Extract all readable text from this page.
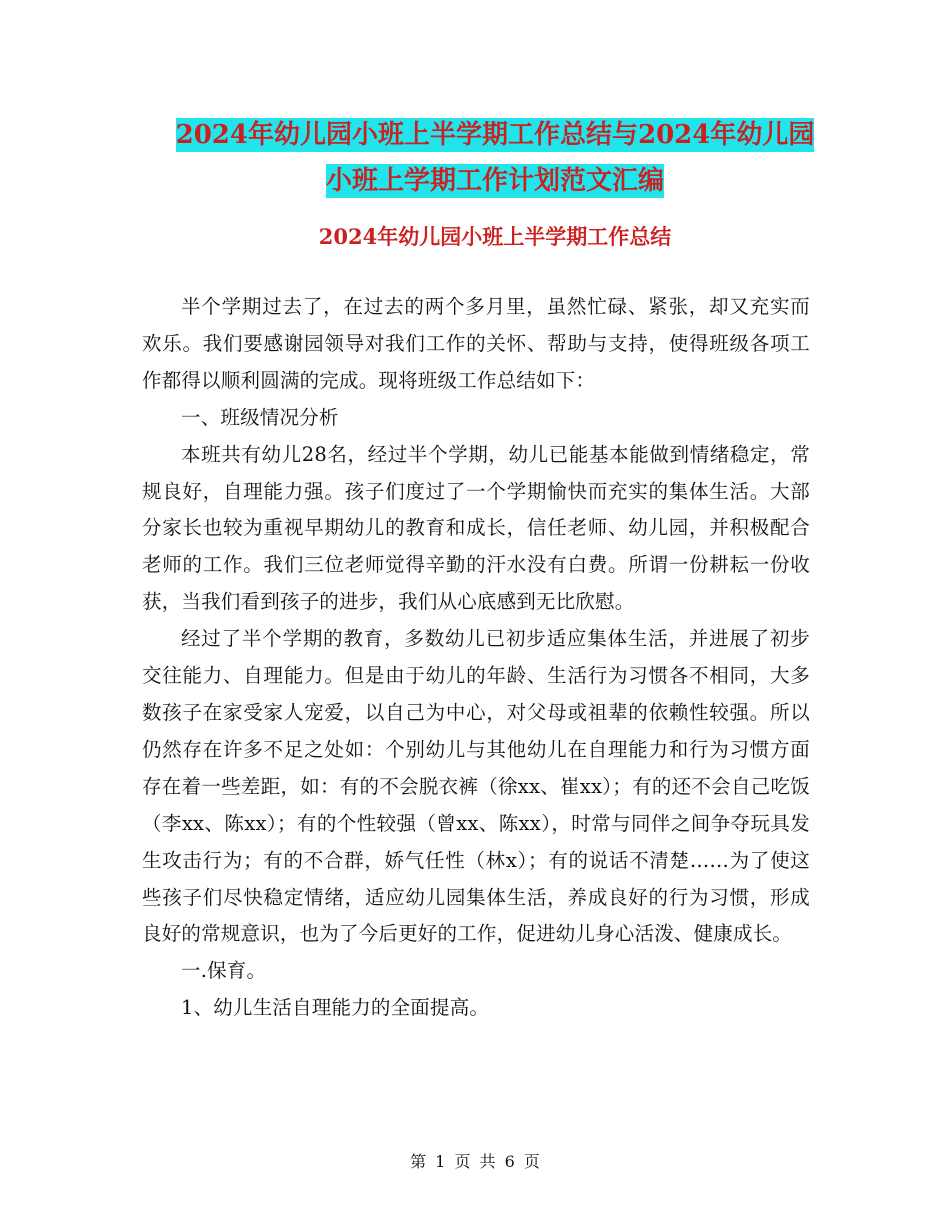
2024年幼儿园小班上半学期工作总结与2024年幼儿园
小班上学期工作计划范文汇编
2024年幼儿园小班上半学期工作总结

半个学期过去了，在过去的两个多月里，虽然忙碌、紧张，却又充实而欢乐。我们要感谢园领导对我们工作的关怀、帮助与支持，使得班级各项工作都得以顺利圆满的完成。现将班级工作总结如下：

一、班级情况分析

本班共有幼儿28名，经过半个学期，幼儿已能基本能做到情绪稳定，常规良好，自理能力强。孩子们度过了一个学期愉快而充实的集体生活。大部分家长也较为重视早期幼儿的教育和成长，信任老师、幼儿园，并积极配合老师的工作。我们三位老师觉得辛勤的汗水没有白费。所谓一份耕耘一份收获，当我们看到孩子的进步，我们从心底感到无比欣慰。

经过了半个学期的教育，多数幼儿已初步适应集体生活，并进展了初步交往能力、自理能力。但是由于幼儿的年龄、生活行为习惯各不相同，大多数孩子在家受家人宠爱，以自己为中心，对父母或祖辈的依赖性较强。所以仍然存在许多不足之处如：个别幼儿与其他幼儿在自理能力和行为习惯方面存在着一些差距，如：有的不会脱衣裤（徐xx、崔xx）；有的还不会自己吃饭（李xx、陈xx）；有的个性较强（曾xx、陈xx），时常与同伴之间争夺玩具发生攻击行为；有的不合群，娇气任性（林x）；有的说话不清楚……为了使这些孩子们尽快稳定情绪，适应幼儿园集体生活，养成良好的行为习惯，形成良好的常规意识，也为了今后更好的工作，促进幼儿身心活泼、健康成长。

一.保育。

1、幼儿生活自理能力的全面提高。

第 1 页 共 6 页
